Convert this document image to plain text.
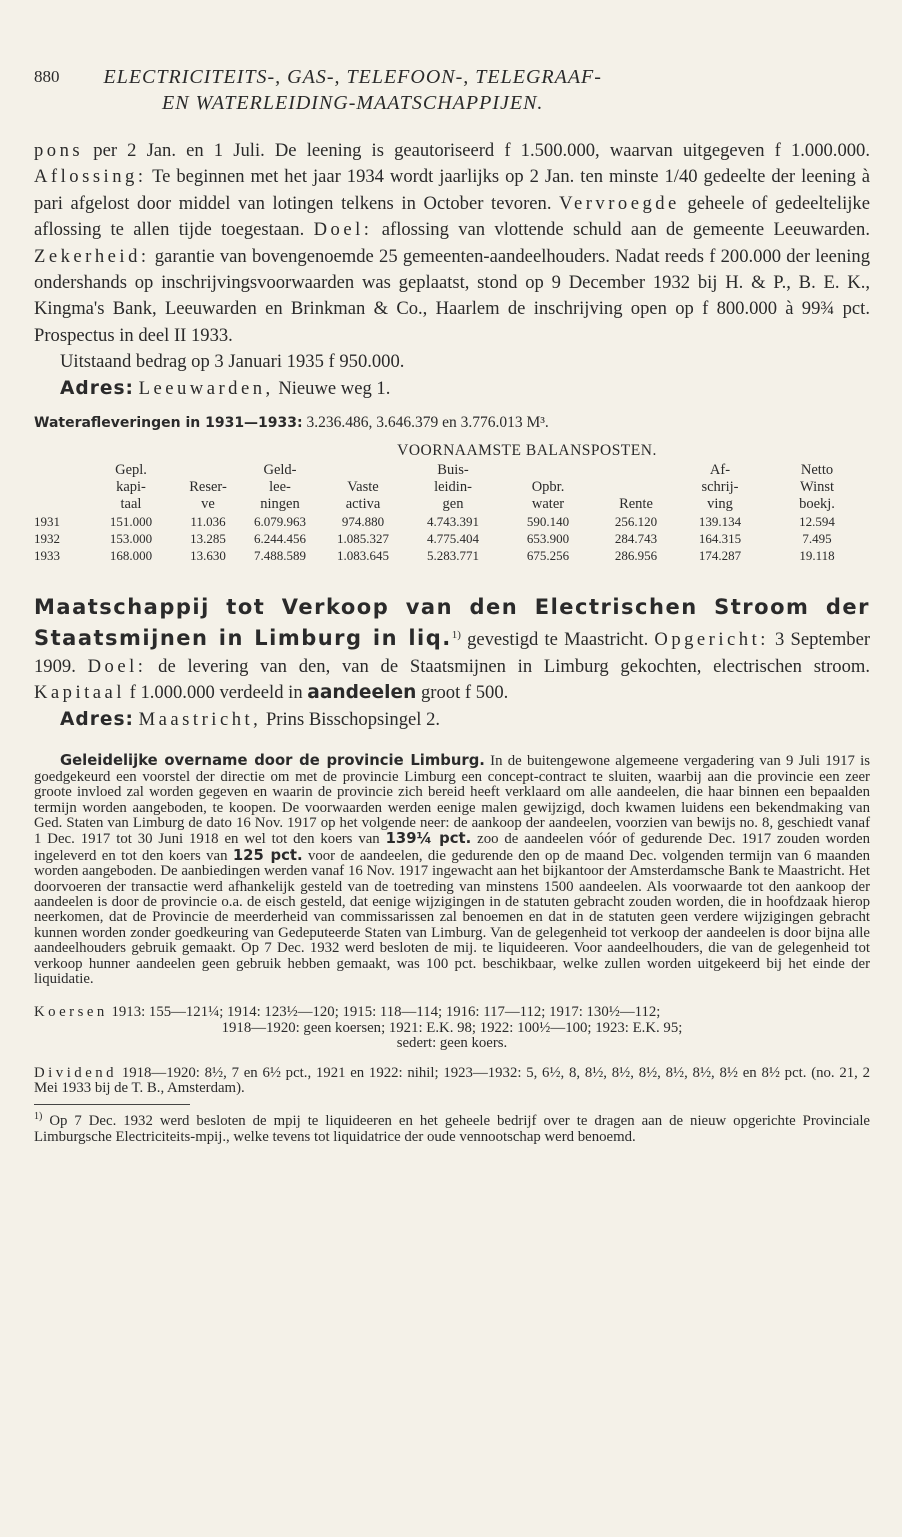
880 ELECTRICITEITS-, GAS-, TELEFOON-, TELEGRAAF-
EN WATERLEIDING-MAATSCHAPPIJEN.

pons per 2 Jan. en 1 Juli. De leening is geautoriseerd f 1.500.000, waarvan uitgegeven f 1.000.000. Aflossing: Te beginnen met het jaar 1934 wordt jaarlijks op 2 Jan. ten minste 1/40 gedeelte der leening à pari afgelost door middel van lotingen telkens in October tevoren. Vervroegde geheele of gedeeltelijke aflossing te allen tijde toegestaan. Doel: aflossing van vlottende schuld aan de gemeente Leeuwarden. Zekerheid: garantie van bovengenoemde 25 gemeenten-aandeelhouders. Nadat reeds f 200.000 der leening ondershands op inschrijvingsvoorwaarden was geplaatst, stond op 9 December 1932 bij H. & P., B. E. K., Kingma's Bank, Leeuwarden en Brinkman & Co., Haarlem de inschrijving open op f 800.000 à 99¾ pct. Prospectus in deel II 1933.

Uitstaand bedrag op 3 Januari 1935 f 950.000.

Adres: Leeuwarden, Nieuwe weg 1.

Waterafleveringen in 1931—1933: 3.236.486, 3.646.379 en 3.776.013 M³.
VOORNAAMSTE BALANSPOSTEN.
	Gepl.		Geld-		Buis-			Af-	Netto
	kapi-	Reser-	lee-	Vaste	leidin-	Opbr.		schrij-	Winst
	taal	ve	ningen	activa	gen	water	Rente	ving	boekj.
1931	151.000	11.036	6.079.963	974.880	4.743.391	590.140	256.120	139.134	12.594
1932	153.000	13.285	6.244.456	1.085.327	4.775.404	653.900	284.743	164.315	7.495
1933	168.000	13.630	7.488.589	1.083.645	5.283.771	675.256	286.956	174.287	19.118

Maatschappij tot Verkoop van den Electrischen Stroom der Staatsmijnen in Limburg in liq.$^{1)}$ gevestigd te Maastricht. Opgericht: 3 September 1909. Doel: de levering van den, van de Staatsmijnen in Limburg gekochten, electrischen stroom. Kapitaal f 1.000.000 verdeeld in aandeelen groot f 500.

Adres: Maastricht, Prins Bisschopsingel 2.

Geleidelijke overname door de provincie Limburg. In de buitengewone algemeene vergadering van 9 Juli 1917 is goedgekeurd een voorstel der directie om met de provincie Limburg een concept-contract te sluiten, waarbij aan die provincie een zeer groote invloed zal worden gegeven en waarin de provincie zich bereid heeft verklaard om alle aandeelen, die haar binnen een bepaalden termijn worden aangeboden, te koopen. De voorwaarden werden eenige malen gewijzigd, doch kwamen luidens een bekendmaking van Ged. Staten van Limburg de dato 16 Nov. 1917 op het volgende neer: de aankoop der aandeelen, voorzien van bewijs no. 8, geschiedt vanaf 1 Dec. 1917 tot 30 Juni 1918 en wel tot den koers van 139¼ pct. zoo de aandeelen vóór of gedurende Dec. 1917 zouden worden ingeleverd en tot den koers van 125 pct. voor de aandeelen, die gedurende den op de maand Dec. volgenden termijn van 6 maanden worden aangeboden. De aanbiedingen werden vanaf 16 Nov. 1917 ingewacht aan het bijkantoor der Amsterdamsche Bank te Maastricht. Het doorvoeren der transactie werd afhankelijk gesteld van de toetreding van minstens 1500 aandeelen. Als voorwaarde tot den aankoop der aandeelen is door de provincie o.a. de eisch gesteld, dat eenige wijzigingen in de statuten gebracht zouden worden, die in hoofdzaak hierop neerkomen, dat de Provincie de meerderheid van commissarissen zal benoemen en dat in de statuten geen verdere wijzigingen gebracht kunnen worden zonder goedkeuring van Gedeputeerde Staten van Limburg. Van de gelegenheid tot verkoop der aandeelen is door bijna alle aandeelhouders gebruik gemaakt. Op 7 Dec. 1932 werd besloten de mij. te liquideeren. Voor aandeelhouders, die van de gelegenheid tot verkoop hunner aandeelen geen gebruik hebben gemaakt, was 100 pct. beschikbaar, welke zullen worden uitgekeerd bij het einde der liquidatie.

Koersen 1913: 155—121¼; 1914: 123½—120; 1915: 118—114; 1916: 117—112; 1917: 130½—112;

1918—1920: geen koersen; 1921: E.K. 98; 1922: 100½—100; 1923: E.K. 95;

sedert: geen koers.

Dividend 1918—1920: 8½, 7 en 6½ pct., 1921 en 1922: nihil; 1923—1932: 5, 6½, 8, 8½, 8½, 8½, 8½, 8½, 8½ en 8½ pct. (no. 21, 2 Mei 1933 bij de T. B., Amsterdam).

$^{1)}$ Op 7 Dec. 1932 werd besloten de mpij te liquideeren en het geheele bedrijf over te dragen aan de nieuw opgerichte Provinciale Limburgsche Electriciteits-mpij., welke tevens tot liquidatrice der oude vennootschap werd benoemd.
